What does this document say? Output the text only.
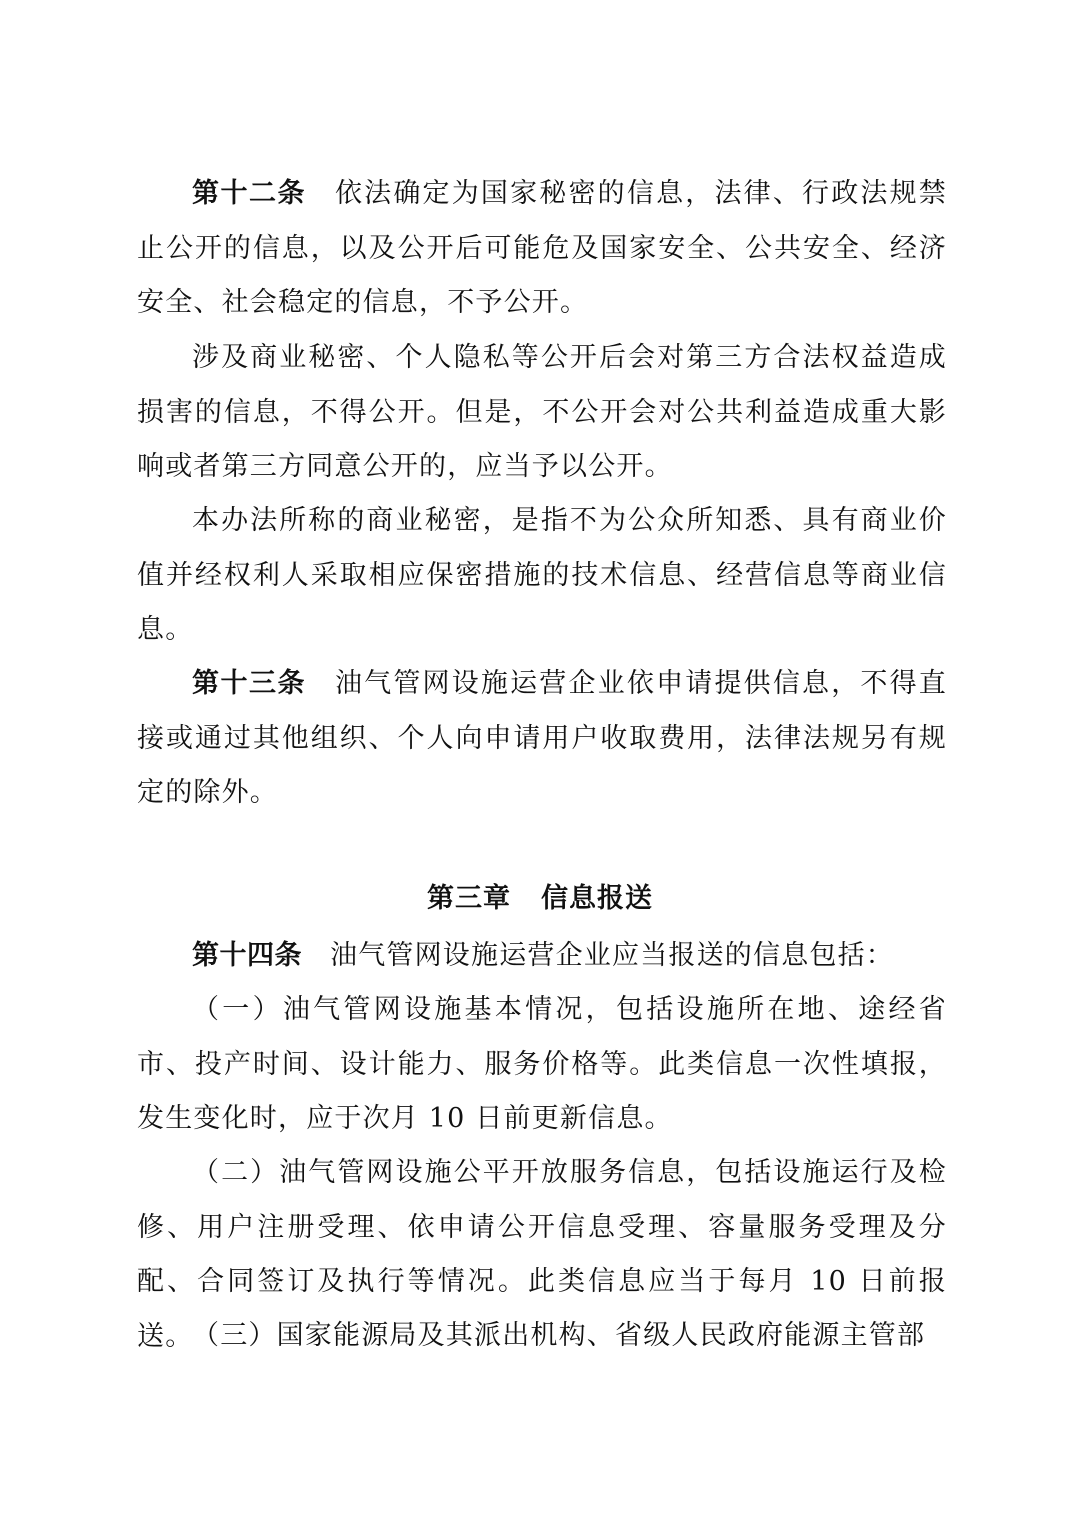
第十二条 依法确定为国家秘密的信息，法律、行政法规禁止公开的信息，以及公开后可能危及国家安全、公共安全、经济安全、社会稳定的信息，不予公开。

涉及商业秘密、个人隐私等公开后会对第三方合法权益造成损害的信息，不得公开。但是，不公开会对公共利益造成重大影响或者第三方同意公开的，应当予以公开。

本办法所称的商业秘密，是指不为公众所知悉、具有商业价值并经权利人采取相应保密措施的技术信息、经营信息等商业信息。

第十三条 油气管网设施运营企业依申请提供信息，不得直接或通过其他组织、个人向申请用户收取费用，法律法规另有规定的除外。

第三章 信息报送

第十四条 油气管网设施运营企业应当报送的信息包括：

（一）油气管网设施基本情况，包括设施所在地、途经省市、投产时间、设计能力、服务价格等。此类信息一次性填报，发生变化时，应于次月 10 日前更新信息。

（二）油气管网设施公平开放服务信息，包括设施运行及检修、用户注册受理、依申请公开信息受理、容量服务受理及分配、合同签订及执行等情况。此类信息应当于每月 10 日前报送。

（三）国家能源局及其派出机构、省级人民政府能源主管部
